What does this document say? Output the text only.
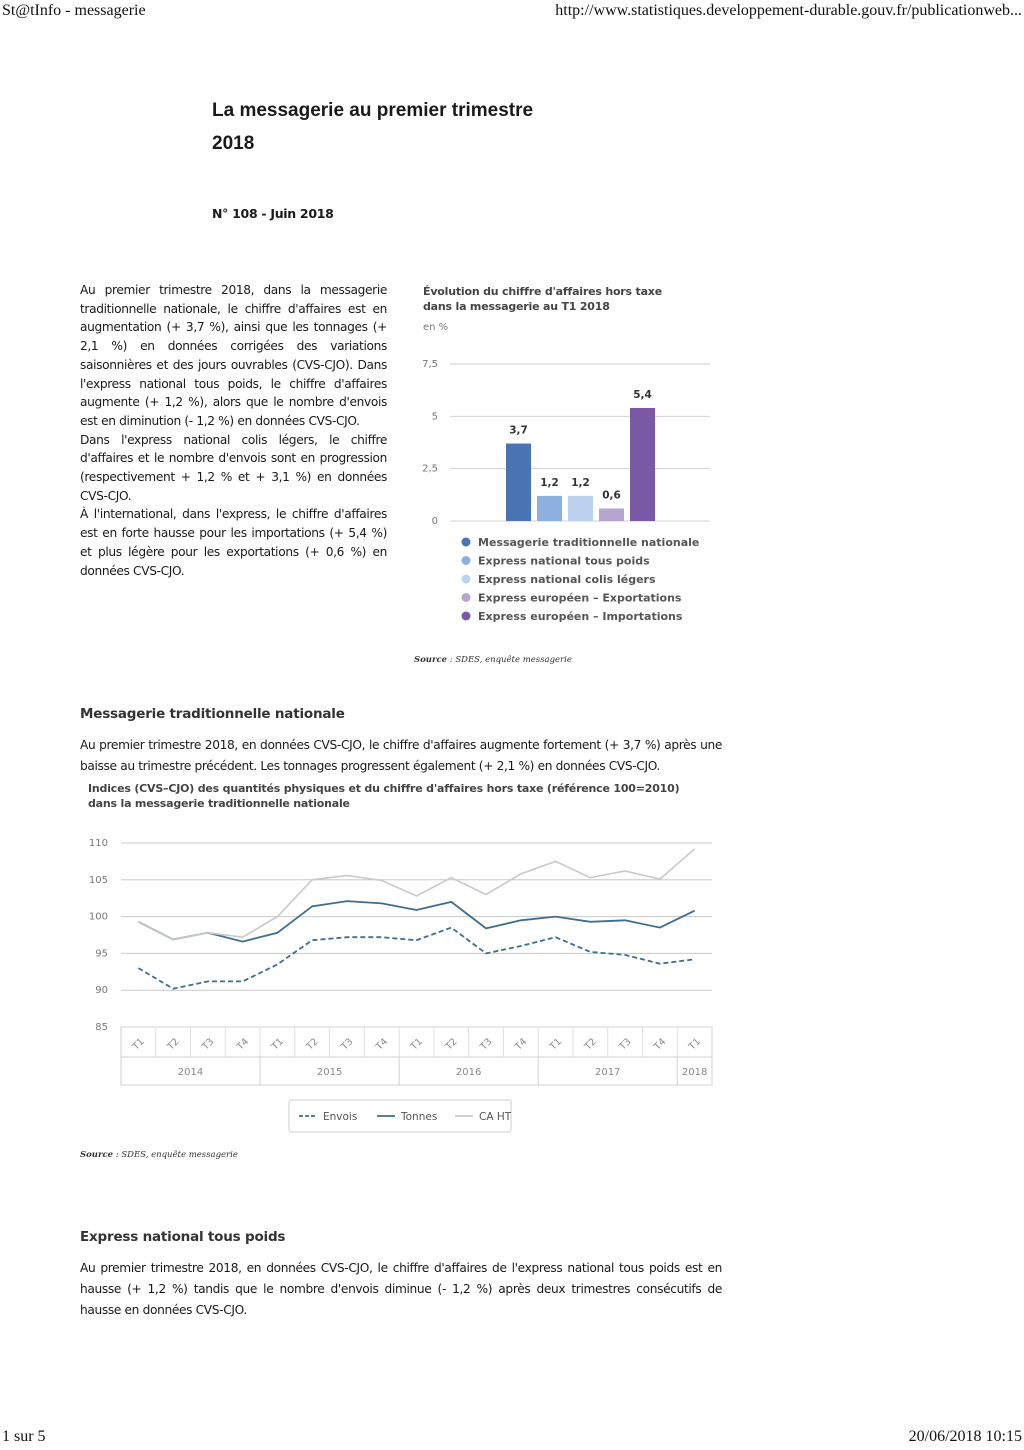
St@tInfo - messagerie	http://www.statistiques.developpement-durable.gouv.fr/publicationweb...
La messagerie au premier trimestre
2018
N° 108 - Juin 2018

Au premier trimestre 2018, dans la messagerie traditionnelle nationale, le chiffre d'affaires est en augmentation (+ 3,7 %), ainsi que les tonnages (+ 2,1 %) en données corrigées des variations saisonnières et des jours ouvrables (CVS-CJO). Dans l'express national tous poids, le chiffre d'affaires augmente (+ 1,2 %), alors que le nombre d'envois est en diminution (- 1,2 %) en données CVS-CJO.

Dans l'express national colis légers, le chiffre d'affaires et le nombre d'envois sont en progression (respectivement + 1,2 % et + 3,1 %) en données CVS-CJO.

À l'international, dans l'express, le chiffre d'affaires est en forte hausse pour les importations (+ 5,4 %) et plus légère pour les exportations (+ 0,6 %) en données CVS-CJO.

Évolution du chiffre d'affaires hors taxe dans la messagerie au T1 2018
en %
0
2,5
5
7,5
3,7
1,2 1,2
0,6
5,4
Messagerie traditionnelle nationale
Express national tous poids
Express national colis légers
Express européen – Exportations
Express européen – Importations
Source : SDES, enquête messagerie
Messagerie traditionnelle nationale
Au premier trimestre 2018, en données CVS-CJO, le chiffre d'affaires augmente fortement (+ 3,7 %) après une baisse au trimestre précédent. Les tonnages progressent également (+ 2,1 %) en données CVS-CJO.
Indices (CVS–CJO) des quantités physiques et du chiffre d'affaires hors taxe (référence 100=2010) dans la messagerie traditionnelle nationale
85
90
95
100
105
110
T1 T2 T3 T4 T1 T2 T3 T4 T1 T2 T3 T4 T1 T2 T3 T4 T1
2014	2015	2016	2017	2018
Envois	Tonnes	CA HT
Source : SDES, enquête messagerie
Express national tous poids
Au premier trimestre 2018, en données CVS-CJO, le chiffre d'affaires de l'express national tous poids est en hausse (+ 1,2 %) tandis que le nombre d'envois diminue (- 1,2 %) après deux trimestres consécutifs de hausse en données CVS-CJO.
1 sur 5	20/06/2018 10:15
